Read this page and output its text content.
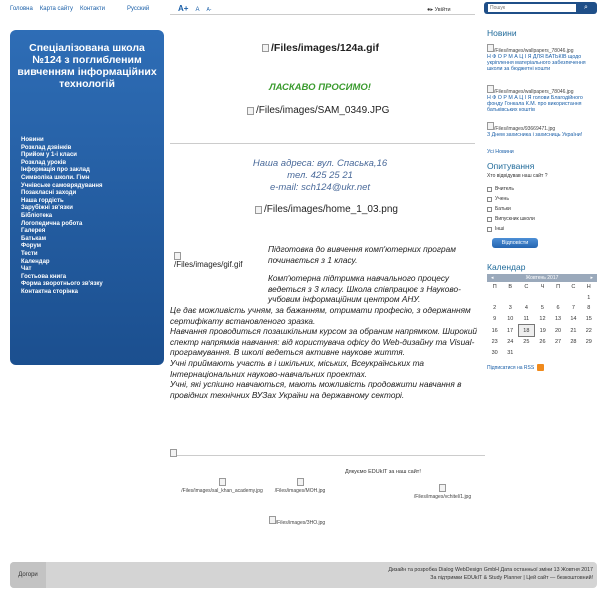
Головна Карта сайту Контакти	Русский	A+ A A-	●▸ Увійти
Пошук	⌕
Спеціалізована школа №124 з поглибленим вивченням інформаційних технологій
Новини
Розклад дзвінків
Прийом у 1-і класи
Розклад уроків
Інформація про заклад
Символіка школи. Гімн
Учнівське самоврядування
Позакласні заходи
Наша гордість
Зарубіжні зв'язки
Бібліотека
Логопедична робота
Галерея
Батькам
Форум
Тести
Календар
Чат
Гостьова книга
Форма зворотнього зв'язку
Контактна сторінка
/Files/images/124a.gif
ЛАСКАВО ПРОСИМО!
/Files/images/SAM_0349.JPG
Наша адреса: вул. Спаська,16
тел. 425 25 21
e-mail: sch124@ukr.net
/Files/images/home_1_03.png
/Files/images/gif.gif

Підготовка до вивчення комп'ютерних програм починається з 1 класу.

Комп'ютерна підтримка навчального процесу ведеться з 3 класу. Школа співпрацює з Науково-учбовим інформаційним центром АНУ.

Це дає можливість учням, за бажанням, отримати професію, з одержанням сертифікату встановленого зразка.

Навчання проводиться позашкільним курсом за обраним напрямком. Широкий спектр напрямків навчання: від користувача офісу до Web-дизайну та Visual-програмування. В школі ведеться активне наукове життя.

Учні приймають участь в і шкільних, міських, Всеукраїнських та Інтернаціональних науково-навчальних проектах.

Учні, які успішно навчаються, мають можливість продовжити навчання в провідних технічних ВУЗах України на державному секторі.

Дякуємо EDUkIT за наш сайт!
/Files/images/sal_khan_academy.jpg	/Files/images/MOH.jpg
/Files/images/vchitel/1.jpg
/Files/images/ЗНО.jpg
Новини
/Files/images/wallpapers_78046.jpg
Н Ф О Р М А Ц І Я ДЛЯ БАТЬКІВ щодо укріплення матеріального забезпечення школи за бюджетні кошти
/Files/images/wallpapers_78046.jpg
Н Ф О Р М А Ц І Я голови Благодійного фонду Гонкала К.М. про використання батьківських коштів
/Files/images/93669471.jpg
З Днем захисника і захисниць України!
Усі Новини
Опитування
Хто відвідував наш сайт ?
Вчитель
Учень
Батьки
Випускник школи
Інші
Відповісти
Календар
◂	Жовтень 2017	▸
П	В	С	Ч	П	С	Н
						1
2	3	4	5	6	7	8
9	10	11	12	13	14	15
16	17	18	19	20	21	22
23	24	25	26	27	28	29
30	31					
Підписатися на RSS
Догори
Дизайн та розробка Dialog WebDesign GmbH Дата останньої зміни 13 Жовтня 2017
За підтримки EDUkIT & Study Planner | Цей сайт — безкоштовний!
